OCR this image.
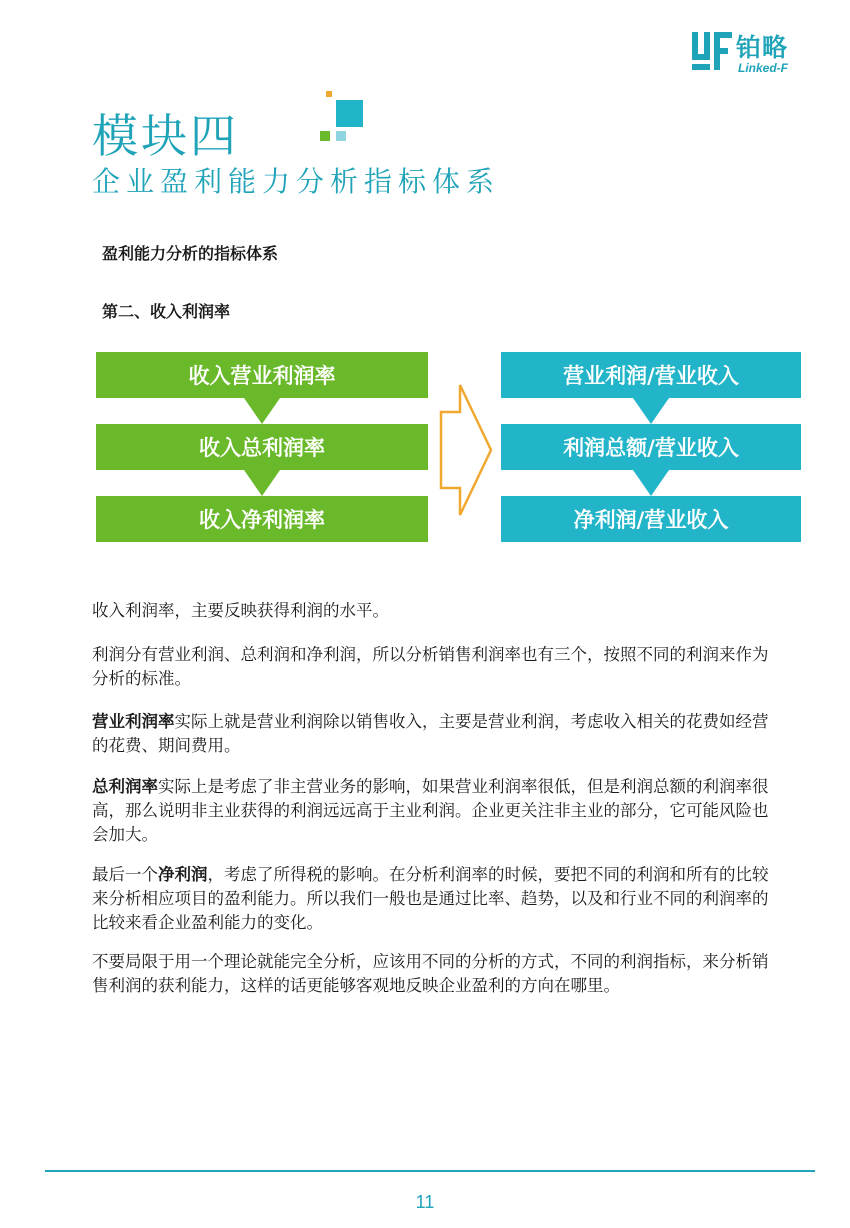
铂略
Linked-F
模块四
企业盈利能力分析指标体系
盈利能力分析的指标体系
第二、收入利润率
收入营业利润率
收入总利润率
收入净利润率
营业利润/营业收入
利润总额/营业收入
净利润/营业收入
收入利润率，主要反映获得利润的水平。
利润分有营业利润、总利润和净利润，所以分析销售利润率也有三个，按照不同的利润来作为分析的标准。
营业利润率实际上就是营业利润除以销售收入，主要是营业利润，考虑收入相关的花费如经营的花费、期间费用。
总利润率实际上是考虑了非主营业务的影响，如果营业利润率很低，但是利润总额的利润率很高，那么说明非主业获得的利润远远高于主业利润。企业更关注非主业的部分，它可能风险也会加大。
最后一个净利润，考虑了所得税的影响。在分析利润率的时候，要把不同的利润和所有的比较来分析相应项目的盈利能力。所以我们一般也是通过比率、趋势，以及和行业不同的利润率的比较来看企业盈利能力的变化。
不要局限于用一个理论就能完全分析，应该用不同的分析的方式，不同的利润指标，来分析销售利润的获利能力，这样的话更能够客观地反映企业盈利的方向在哪里。
11
